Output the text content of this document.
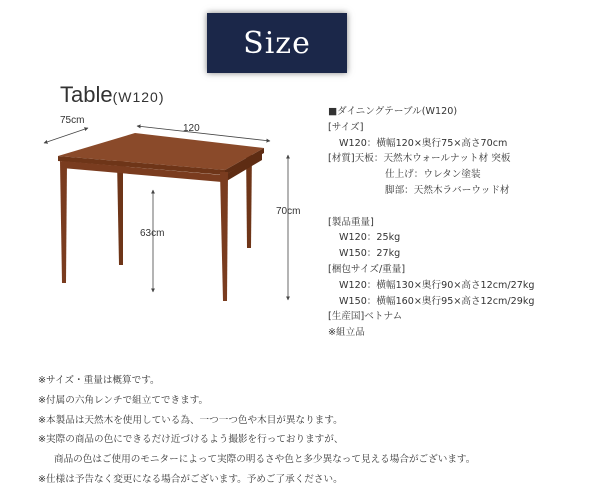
Size
Table(W120)
75cm
120
70cm
63cm
■ダイニングテーブル(W120)
[サイズ]
W120：横幅120×奥行75×高さ70cm
[材質]天板：天然木ウォールナット材 突板
仕上げ：ウレタン塗装
脚部：天然木ラバーウッド材
[製品重量]
W120：25kg
W150：27kg
[梱包サイズ/重量]
W120：横幅130×奥行90×高さ12cm/27kg
W150：横幅160×奥行95×高さ12cm/29kg
[生産国]ベトナム
※組立品
※サイズ・重量は概算です。
※付属の六角レンチで組立てできます。
※本製品は天然木を使用している為、一つ一つ色や木目が異なります。
※実際の商品の色にできるだけ近づけるよう撮影を行っておりますが、
商品の色はご使用のモニターによって実際の明るさや色と多少異なって見える場合がございます。
※仕様は予告なく変更になる場合がございます。予めご了承ください。
